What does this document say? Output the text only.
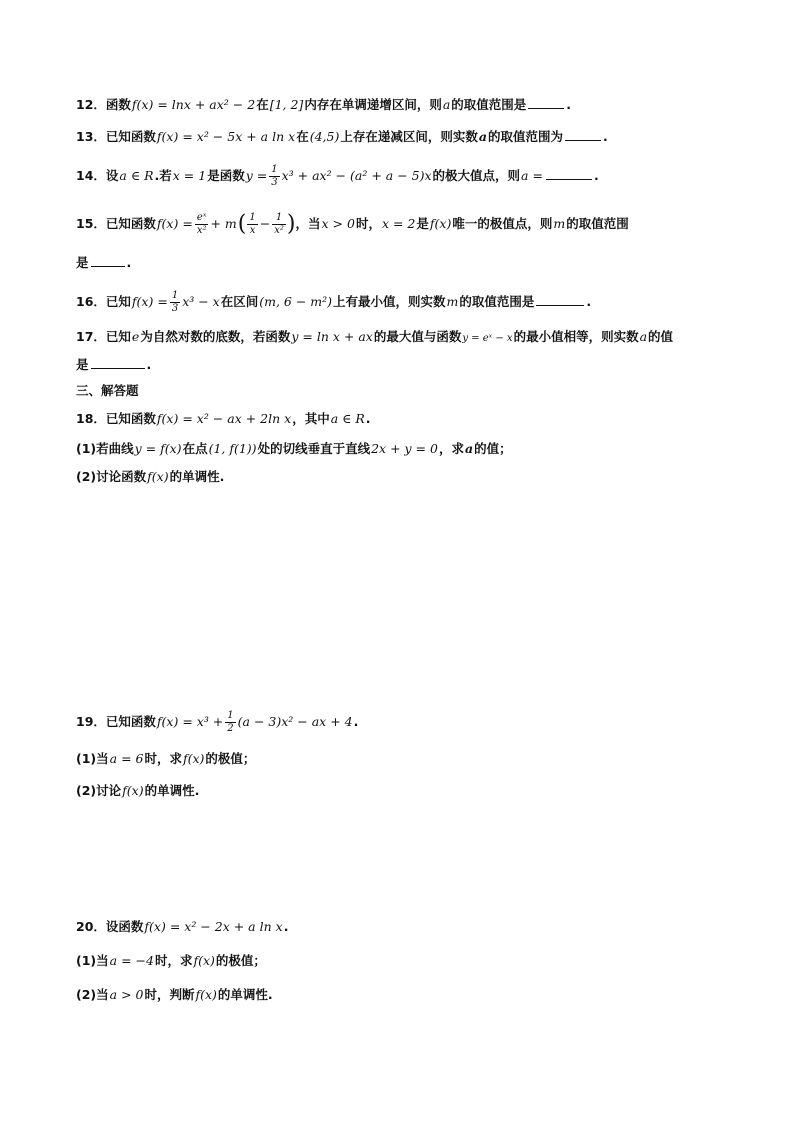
12．函数f(x) = lnx + ax² − 2在[1, 2]内存在单调递增区间，则a的取值范围是	.
13．已知函数f(x) = x² − 5x + a ln x在(4,5)上存在递减区间，则实数a的取值范围为	.
14．设a ∈ R.若x = 1是函数$y = \frac{1}{3} x^3 + ax^2 - (a^2 + a - 5)x$的极大值点，则a =	.
15．已知函数$f(x) = \frac{\text{eˣ}}{\text{x²}} + m( \frac{1}{x} - \frac{1}{\text{x²}}$ )，当x > 0时，x = 2是f(x)唯一的极值点，则m的取值范围
是	.
16．已知$f(x) = \frac{1}{3} x^3 - x$在区间(m, 6 − m²)上有最小值，则实数m的取值范围是	.
17．已知e为自然对数的底数，若函数y = ln x + ax的最大值与函数y = eˣ − x的最小值相等，则实数a的值
是	.
三、解答题
18．已知函数f(x) = x² − ax + 2ln x，其中a ∈ R.
(1)若曲线y = f(x)在点(1, f(1))处的切线垂直于直线2x + y = 0，求a的值；
(2)讨论函数f(x)的单调性.
19．已知函数$f(x) = x^3 + \frac{1}{2} (a - 3)x^2$ − ax + 4.
(1)当a = 6时，求f(x)的极值；
(2)讨论f(x)的单调性.
20．设函数f(x) = x² − 2x + a ln x.
(1)当a = −4时，求f(x)的极值；
(2)当a > 0时，判断f(x)的单调性.
